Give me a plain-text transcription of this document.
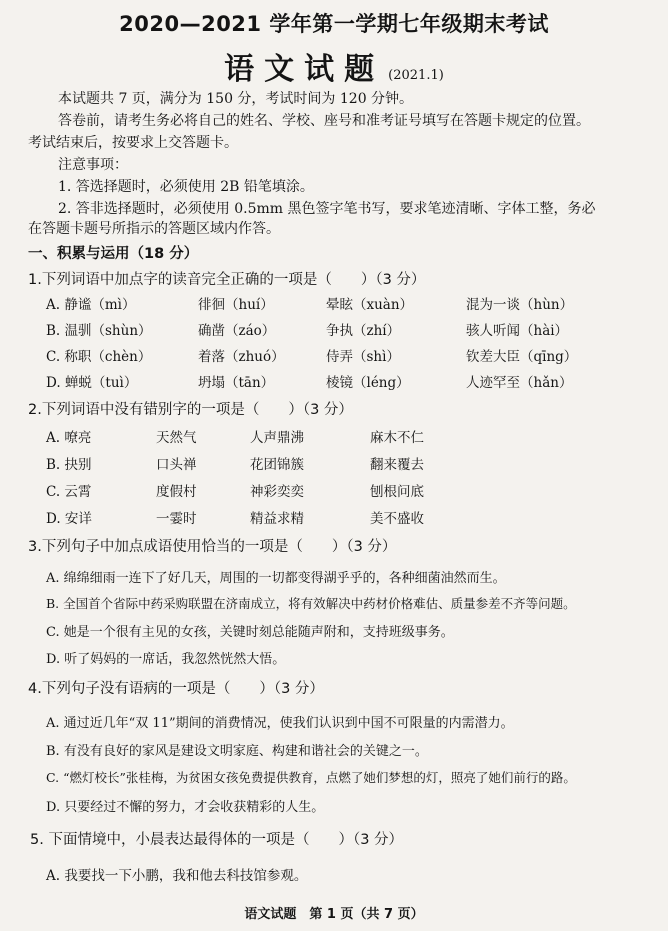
2020—2021 学年第一学期七年级期末考试
语文试题 (2021.1)
本试题共 7 页，满分为 150 分，考试时间为 120 分钟。
答卷前，请考生务必将自己的姓名、学校、座号和准考证号填写在答题卡规定的位置。
考试结束后，按要求上交答题卡。
注意事项：
1. 答选择题时，必须使用 2B 铅笔填涂。
2. 答非选择题时，必须使用 0.5mm 黑色签字笔书写，要求笔迹清晰、字体工整，务必
在答题卡题号所指示的答题区域内作答。
一、积累与运用（18 分）
1.下列词语中加点字的读音完全正确的一项是（　　）（3 分）
A. 静谧（mì）	徘徊（huí）	晕眩（xuàn）	混为一谈（hùn）
B. 温驯（shùn）	确凿（záo）	争执（zhí）	骇人听闻（hài）
C. 称职（chèn）	着落（zhuó）	侍弄（shì）	钦差大臣（qīng）
D. 蝉蜕（tuì）	坍塌（tān）	棱镜（léng）	人迹罕至（hǎn）
2.下列词语中没有错别字的一项是（　　）（3 分）
A. 嘹亮	天然气	人声鼎沸	麻木不仁
B. 抉别	口头禅	花团锦簇	翻来覆去
C. 云霄	度假村	神彩奕奕	刨根问底
D. 安详	一霎时	精益求精	美不盛收
3.下列句子中加点成语使用恰当的一项是（　　）（3 分）
A. 绵绵细雨一连下了好几天，周围的一切都变得湖乎乎的，各种细菌油然而生。
B. 全国首个省际中药采购联盟在济南成立，将有效解决中药材价格难估、质量参差不齐等问题。
C. 她是一个很有主见的女孩，关键时刻总能随声附和，支持班级事务。
D. 听了妈妈的一席话，我忽然恍然大悟。
4.下列句子没有语病的一项是（　　）（3 分）
A. 通过近几年“双 11”期间的消费情况，使我们认识到中国不可限量的内需潜力。
B. 有没有良好的家风是建设文明家庭、构建和谐社会的关键之一。
C. “燃灯校长”张桂梅，为贫困女孩免费提供教育，点燃了她们梦想的灯，照亮了她们前行的路。
D. 只要经过不懈的努力，才会收获精彩的人生。
5. 下面情境中，小晨表达最得体的一项是（　　）（3 分）
A. 我要找一下小鹏，我和他去科技馆参观。
语文试题　第 1 页（共 7 页）
